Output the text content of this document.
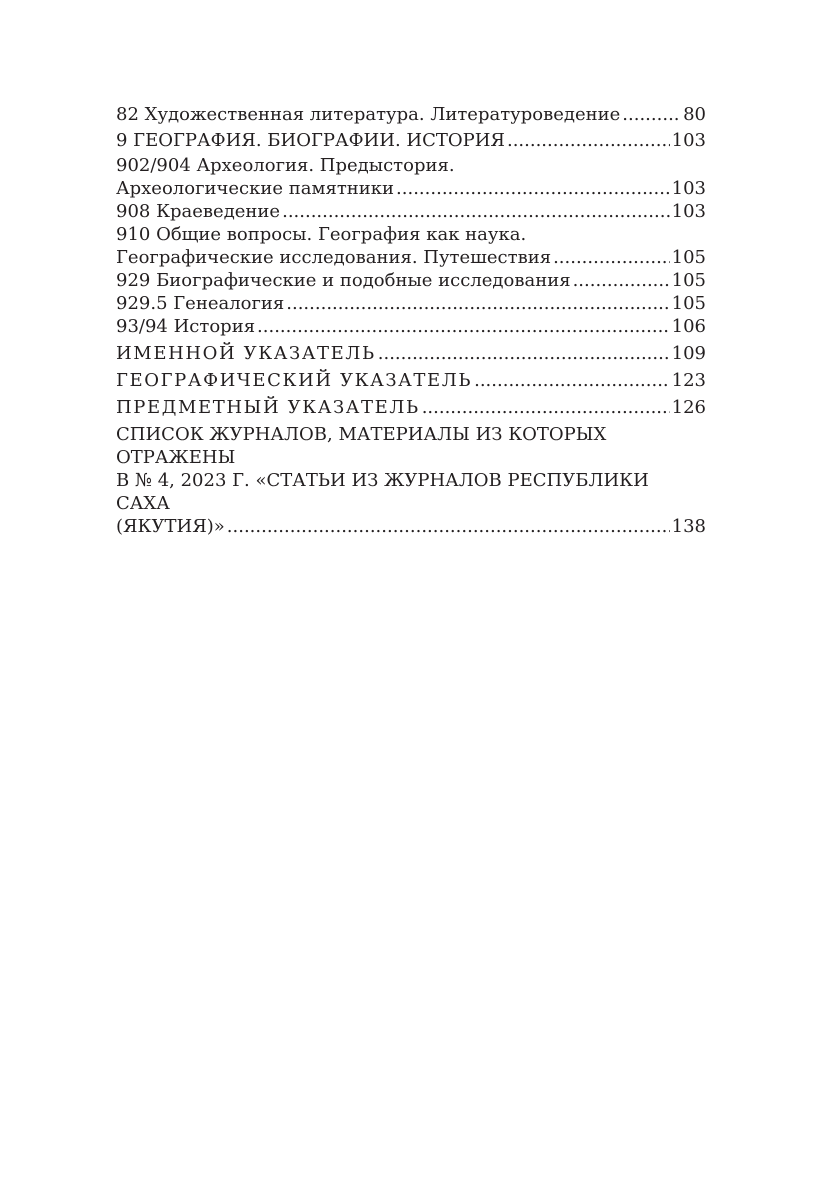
82 Художественная литература. Литературоведение .....	80
9 ГЕОГРАФИЯ. БИОГРАФИИ. ИСТОРИЯ .....	103
902/904 Археология. Предыстория.
Археологические памятники .....	103
908 Краеведение .....	103
910 Общие вопросы. География как наука.
Географические исследования. Путешествия .....	105
929 Биографические и подобные исследования .....	105
929.5 Генеалогия .....	105
93/94 История .....	106
ИМЕННОЙ УКАЗАТЕЛЬ .....	109
ГЕОГРАФИЧЕСКИЙ УКАЗАТЕЛЬ .....	123
ПРЕДМЕТНЫЙ УКАЗАТЕЛЬ .....	126
СПИСОК ЖУРНАЛОВ, МАТЕРИАЛЫ ИЗ КОТОРЫХ ОТРАЖЕНЫ
В № 4, 2023 Г. «СТАТЬИ ИЗ ЖУРНАЛОВ РЕСПУБЛИКИ САХА
(ЯКУТИЯ)» .....	138
